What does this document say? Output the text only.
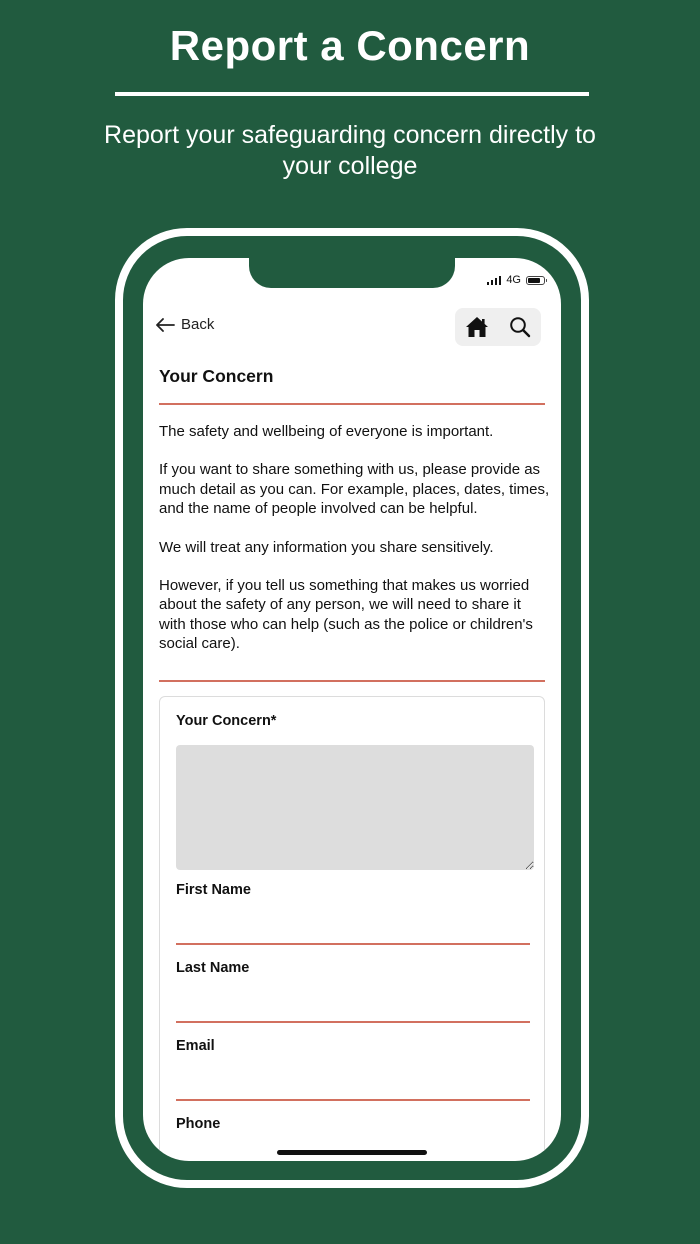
Report a Concern
Report your safeguarding concern directly to your college
4G
Back
Your Concern

The safety and wellbeing of everyone is important.

If you want to share something with us, please provide as much detail as you can. For example, places, dates, times, and the name of people involved can be helpful.

We will treat any information you share sensitively.

However, if you tell us something that makes us worried about the safety of any person, we will need to share it with those who can help (such as the police or children's social care).

Your Concern*
First Name
Last Name
Email
Phone
